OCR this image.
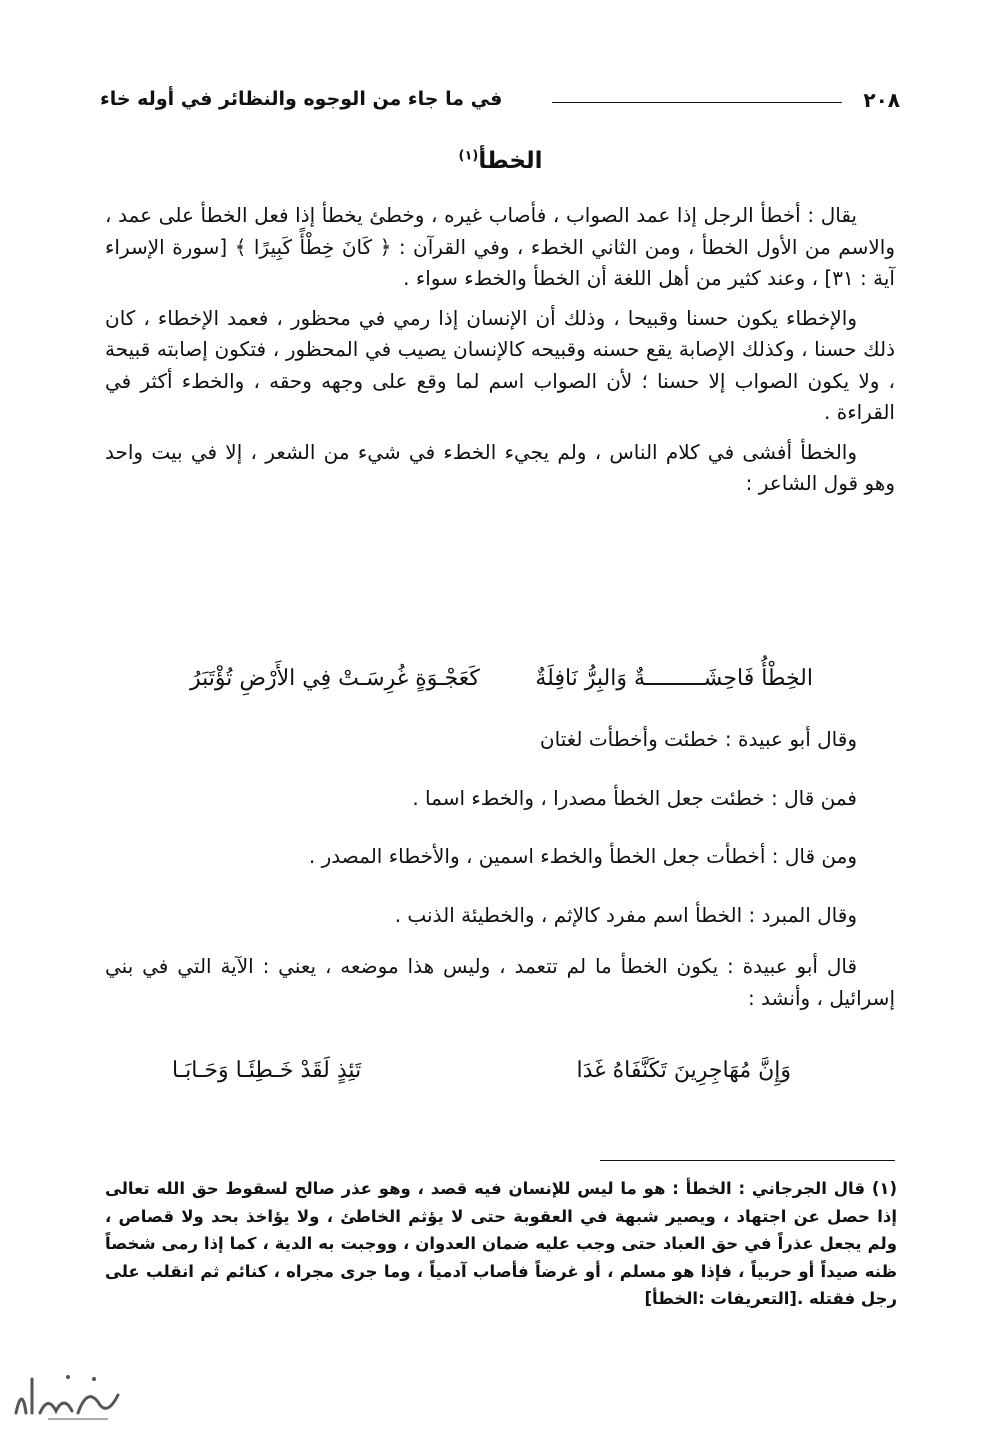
٢٠٨
في ما جاء من الوجوه والنظائر في أوله خاء
الخطأ$^{(١)}$

يقال : أخطأ الرجل إذا عمد الصواب ، فأصاب غيره ، وخطئ يخطأ إذا فعل الخطأ على عمد ، والاسم من الأول الخطأ ، ومن الثاني الخطء ، وفي القرآن : ﴿ كَانَ خِطْأً كَبِيرًا ﴾ [سورة الإسراء آية : ٣١] ، وعند كثير من أهل اللغة أن الخطأ والخطء سواء .

والإخطاء يكون حسنا وقبيحا ، وذلك أن الإنسان إذا رمي في محظور ، فعمد الإخطاء ، كان ذلك حسنا ، وكذلك الإصابة يقع حسنه وقبيحه كالإنسان يصيب في المحظور ، فتكون إصابته قبيحة ، ولا يكون الصواب إلا حسنا ؛ لأن الصواب اسم لما وقع على وجهه وحقه ، والخطء أكثر في القراءة .

والخطأ أفشى في كلام الناس ، ولم يجيء الخطء في شيء من الشعر ، إلا في بيت واحد وهو قول الشاعر :

الخِطْأُ فَاحِشَـــــــــةٌ وَالبِرُّ نَافِلَةٌ
كَعَجْـوَةٍ غُرِسَـتْ فِي الأَرْضِ تُؤْتَبَرُ

وقال أبو عبيدة : خطئت وأخطأت لغتان

فمن قال : خطئت جعل الخطأ مصدرا ، والخطء اسما .

ومن قال : أخطأت جعل الخطأ والخطء اسمين ، والأخطاء المصدر .

وقال المبرد : الخطأ اسم مفرد كالإثم ، والخطيئة الذنب .

قال أبو عبيدة : يكون الخطأ ما لم تتعمد ، وليس هذا موضعه ، يعني : الآية التي في بني إسرائيل ، وأنشد :

وَإِنَّ مُهَاجِرِينَ تَكَنَّفَاهُ غَدَا
تَئِذٍ لَقَدْ خَـطِئَـا وَحَـابَـا
(١) قال الجرجاني : الخطأ : هو ما ليس للإنسان فيه قصد ، وهو عذر صالح لسقوط حق الله تعالى إذا حصل عن اجتهاد ، ويصير شبهة في العقوبة حتى لا يؤثم الخاطئ ، ولا يؤاخذ بحد ولا قصاص ، ولم يجعل عذراً في حق العباد حتى وجب عليه ضمان العدوان ، ووجبت به الدية ، كما إذا رمى شخصاً ظنه صيداً أو حربياً ، فإذا هو مسلم ، أو غرضاً فأصاب آدمياً ، وما جرى مجراه ، كنائم ثم انقلب على رجل فقتله .[التعريفات :الخطأ]
